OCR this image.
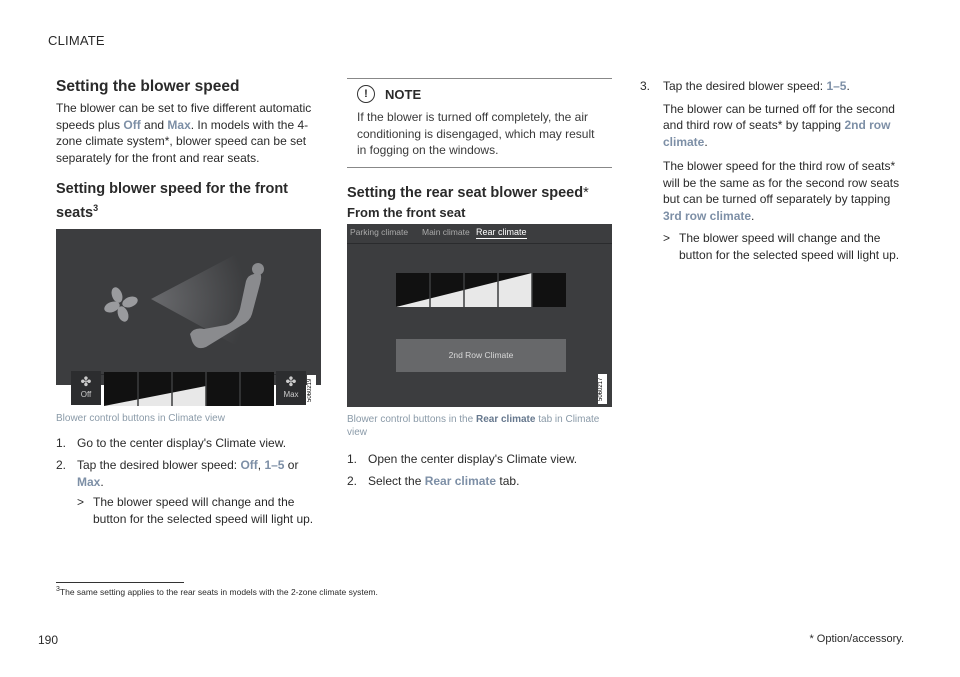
CLIMATE
Setting the blower speed

The blower can be set to five different automatic speeds plus Off and Max. In models with the 4-zone climate system*, blower speed can be set separately for the front and rear seats.

Setting blower speed for the front seats$^3$
✤
Off
✤
Max	5060219
Blower control buttons in Climate view
1. Go to the center display's Climate view.
2. Tap the desired blower speed: Off, 1–5 or Max.
> The blower speed will change and the button for the selected speed will light up.
!	NOTE

If the blower is turned off completely, the air conditioning is disengaged, which may result in fogging on the windows.

Setting the rear seat blower speed*
From the front seat
Parking climate Main climate Rear climate
2nd Row Climate
5060217
Blower control buttons in the Rear climate tab in Climate view
1. Open the center display's Climate view.
2. Select the Rear climate tab.
3. Tap the desired blower speed: 1–5.

The blower can be turned off for the second and third row of seats* by tapping 2nd row climate.

The blower speed for the third row of seats* will be the same as for the second row seats but can be turned off separately by tapping 3rd row climate.

> The blower speed will change and the button for the selected speed will light up.
$^3$The same setting applies to the rear seats in models with the 2-zone climate system.
190	* Option/accessory.
